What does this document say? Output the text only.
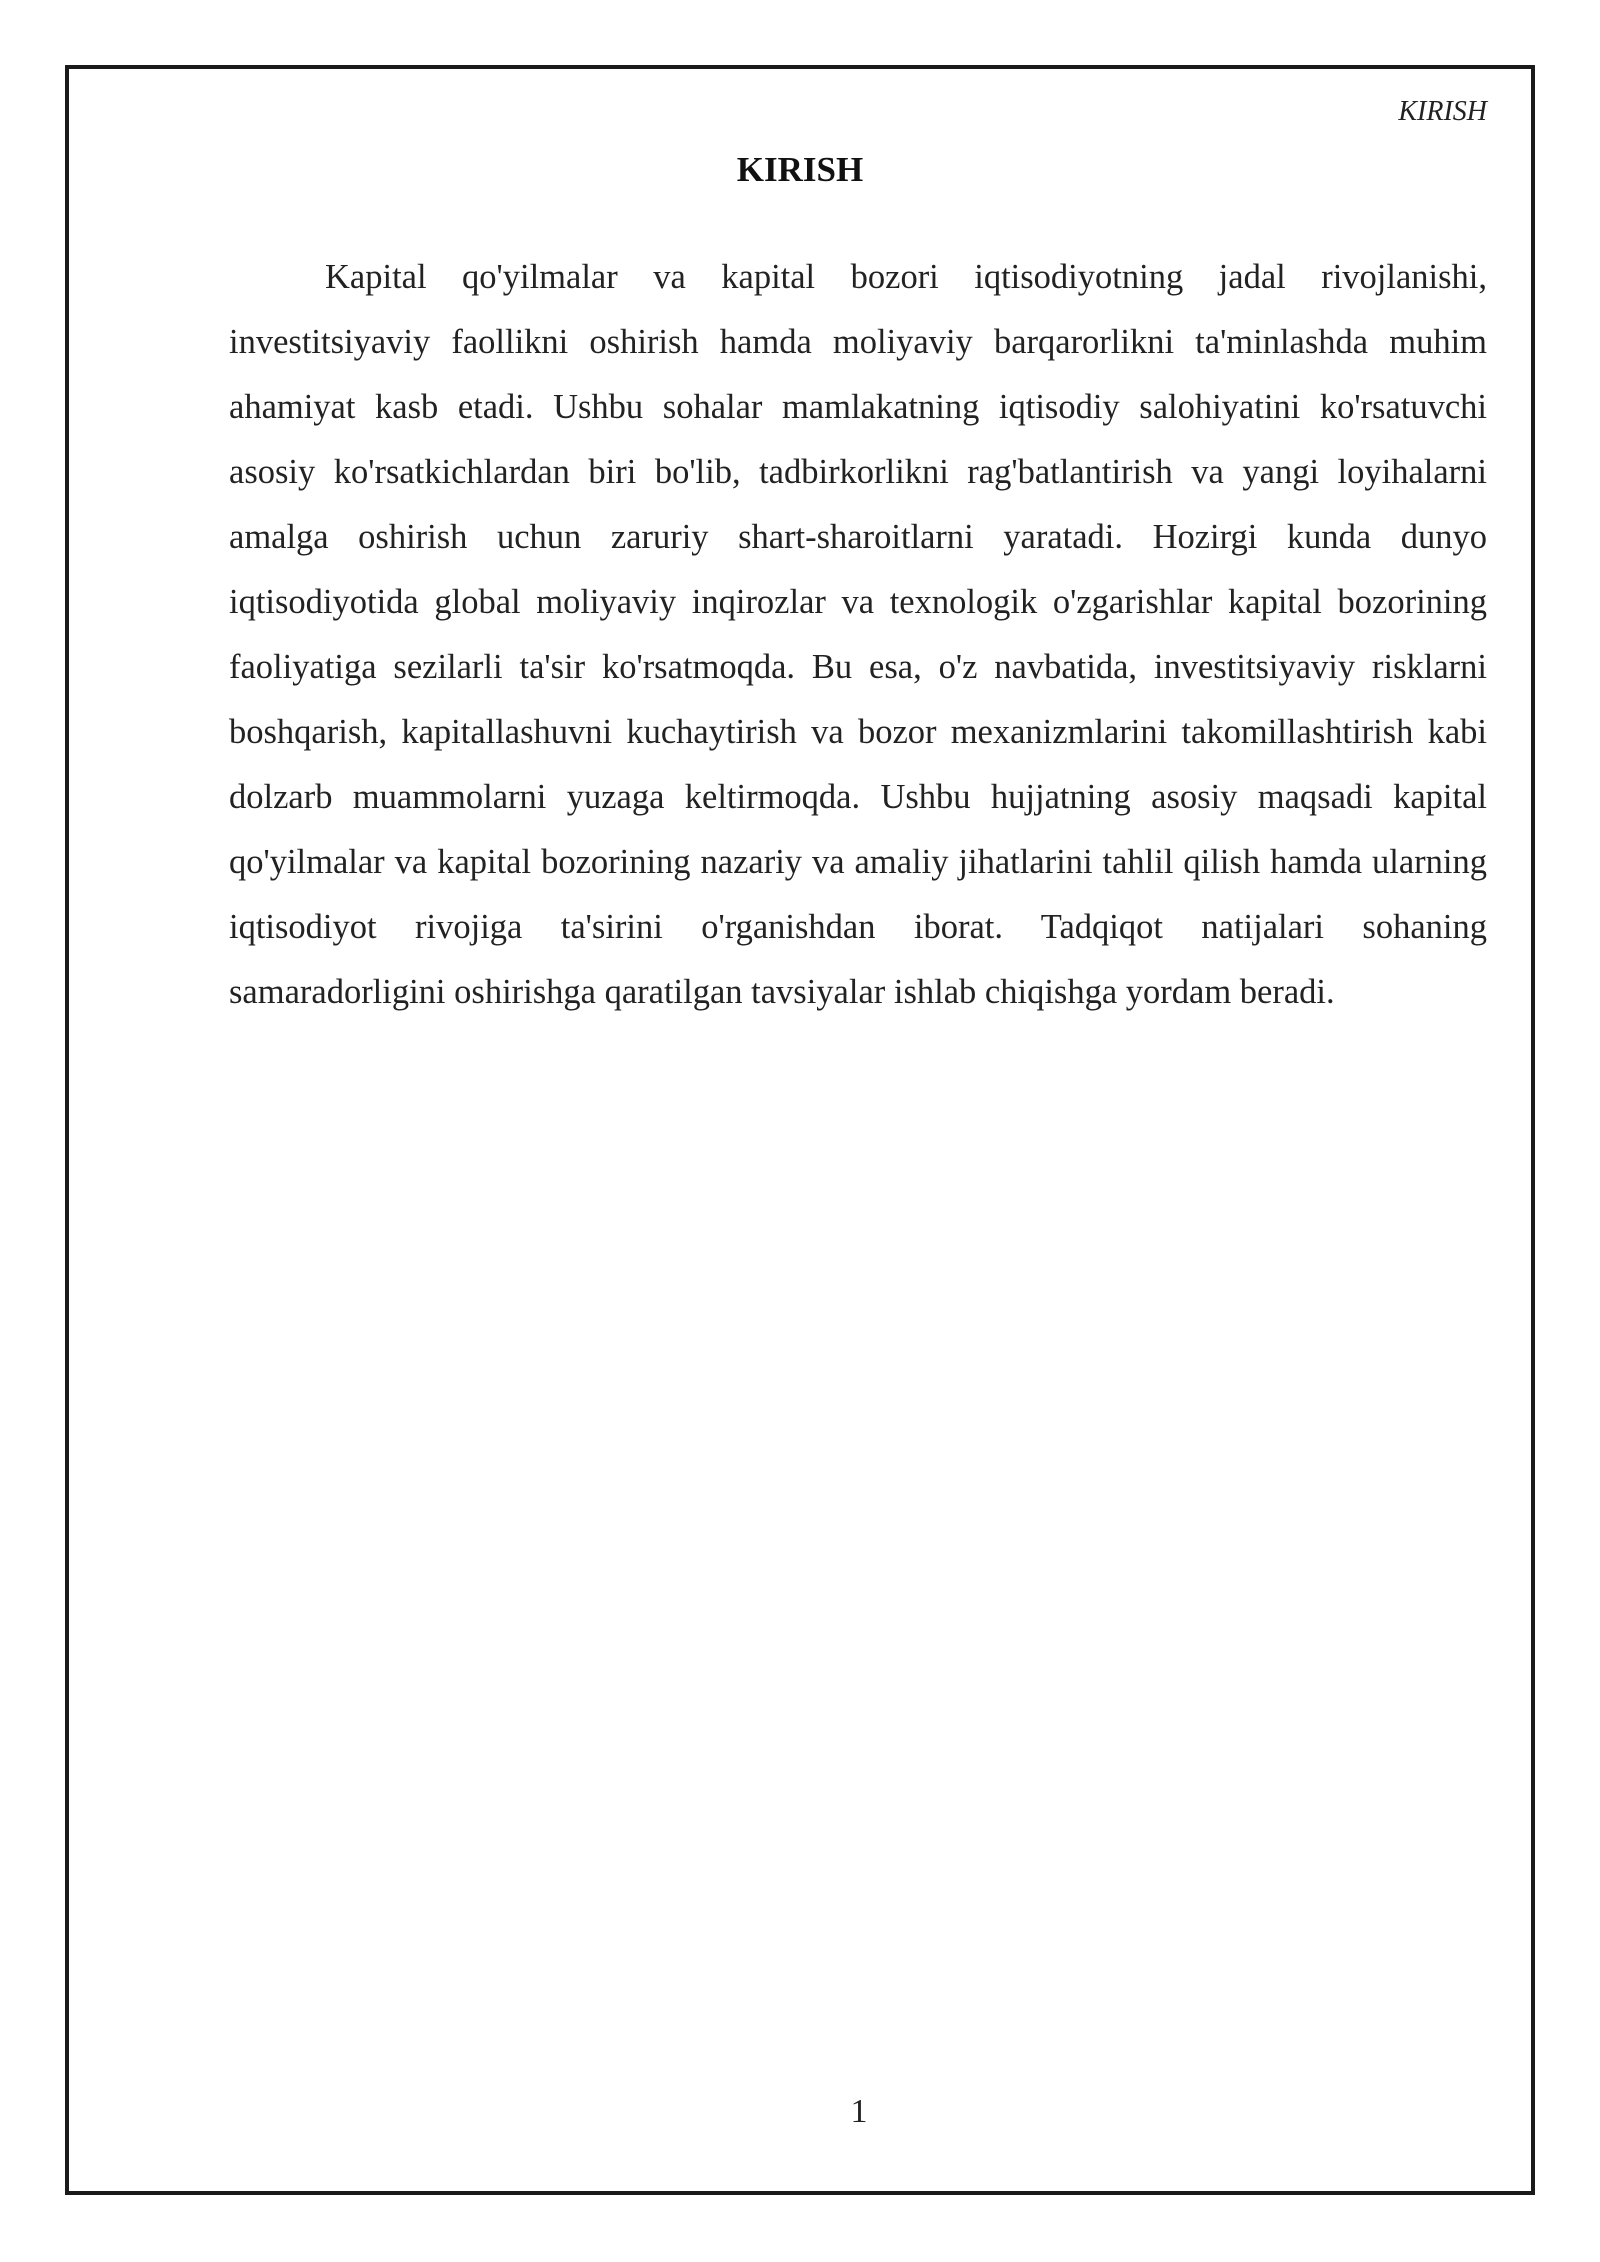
KIRISH
KIRISH

Kapital qo'yilmalar va kapital bozori iqtisodiyotning jadal rivojlanishi, investitsiyaviy faollikni oshirish hamda moliyaviy barqarorlikni ta'minlashda muhim ahamiyat kasb etadi. Ushbu sohalar mamlakatning iqtisodiy salohiyatini ko'rsatuvchi asosiy ko'rsatkichlardan biri bo'lib, tadbirkorlikni rag'batlantirish va yangi loyihalarni amalga oshirish uchun zaruriy shart-sharoitlarni yaratadi. Hozirgi kunda dunyo iqtisodiyotida global moliyaviy inqirozlar va texnologik o'zgarishlar kapital bozorining faoliyatiga sezilarli ta'sir ko'rsatmoqda. Bu esa, o'z navbatida, investitsiyaviy risklarni boshqarish, kapitallashuvni kuchaytirish va bozor mexanizmlarini takomillashtirish kabi dolzarb muammolarni yuzaga keltirmoqda. Ushbu hujjatning asosiy maqsadi kapital qo'yilmalar va kapital bozorining nazariy va amaliy jihatlarini tahlil qilish hamda ularning iqtisodiyot rivojiga ta'sirini o'rganishdan iborat. Tadqiqot natijalari sohaning samaradorligini oshirishga qaratilgan tavsiyalar ishlab chiqishga yordam beradi.

1
